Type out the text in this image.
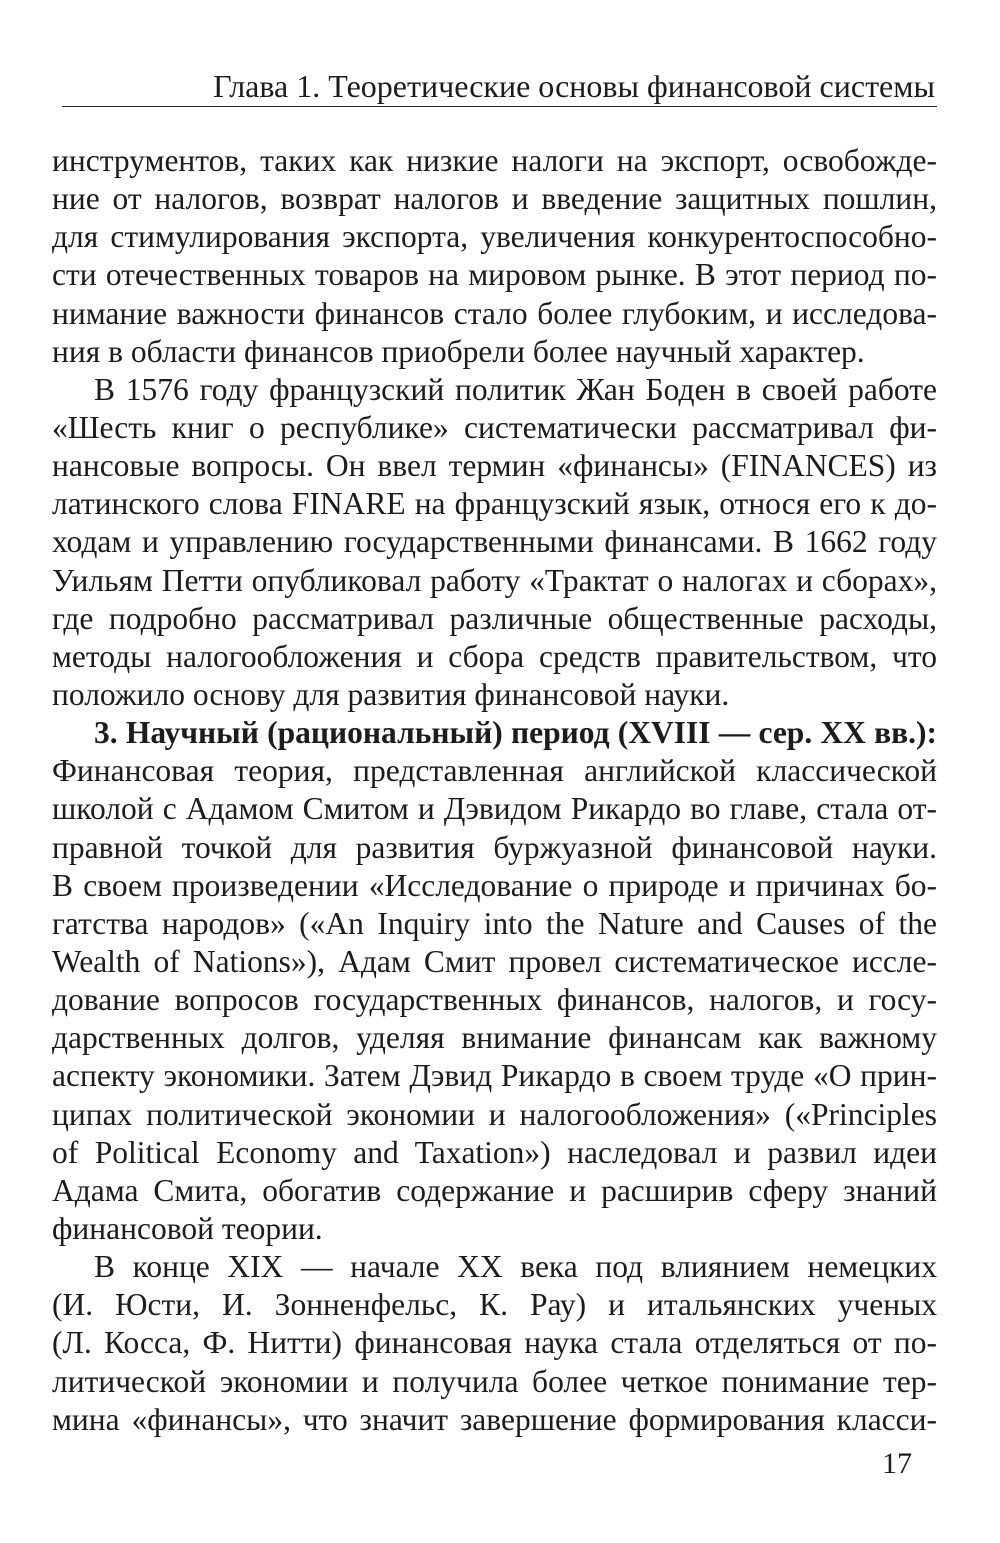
Глава 1. Теоретические основы финансовой системы
инструментов, таких как низкие налоги на экспорт, освобожде-
ние от налогов, возврат налогов и введение защитных пошлин,
для стимулирования экспорта, увеличения конкурентоспособно-
сти отечественных товаров на мировом рынке. В этот период по-
нимание важности финансов стало более глубоким, и исследова-
ния в области финансов приобрели более научный характер.
В 1576 году французский политик Жан Боден в своей работе
«Шесть книг о республике» систематически рассматривал фи-
нансовые вопросы. Он ввел термин «финансы» (FINANCES) из
латинского слова FINARE на французский язык, относя его к до-
ходам и управлению государственными финансами. В 1662 году
Уильям Петти опубликовал работу «Трактат о налогах и сборах»,
где подробно рассматривал различные общественные расходы,
методы налогообложения и сбора средств правительством, что
положило основу для развития финансовой науки.
3. Научный (рациональный) период (XVIII — сер. XX вв.):
Финансовая теория, представленная английской классической
школой с Адамом Смитом и Дэвидом Рикардо во главе, стала от-
правной точкой для развития буржуазной финансовой науки.
В своем произведении «Исследование о природе и причинах бо-
гатства народов» («An Inquiry into the Nature and Causes of the
Wealth of Nations»), Адам Смит провел систематическое иссле-
дование вопросов государственных финансов, налогов, и госу-
дарственных долгов, уделяя внимание финансам как важному
аспекту экономики. Затем Дэвид Рикардо в своем труде «О прин-
ципах политической экономии и налогообложения» («Principles
of Political Economy and Taxation») наследовал и развил идеи
Адама Смита, обогатив содержание и расширив сферу знаний
финансовой теории.
В конце XIX — начале XX века под влиянием немецких
(И. Юсти, И. Зонненфельс, К. Рау) и итальянских ученых
(Л. Косса, Ф. Нитти) финансовая наука стала отделяться от по-
литической экономии и получила более четкое понимание тер-
мина «финансы», что значит завершение формирования класси-
17
